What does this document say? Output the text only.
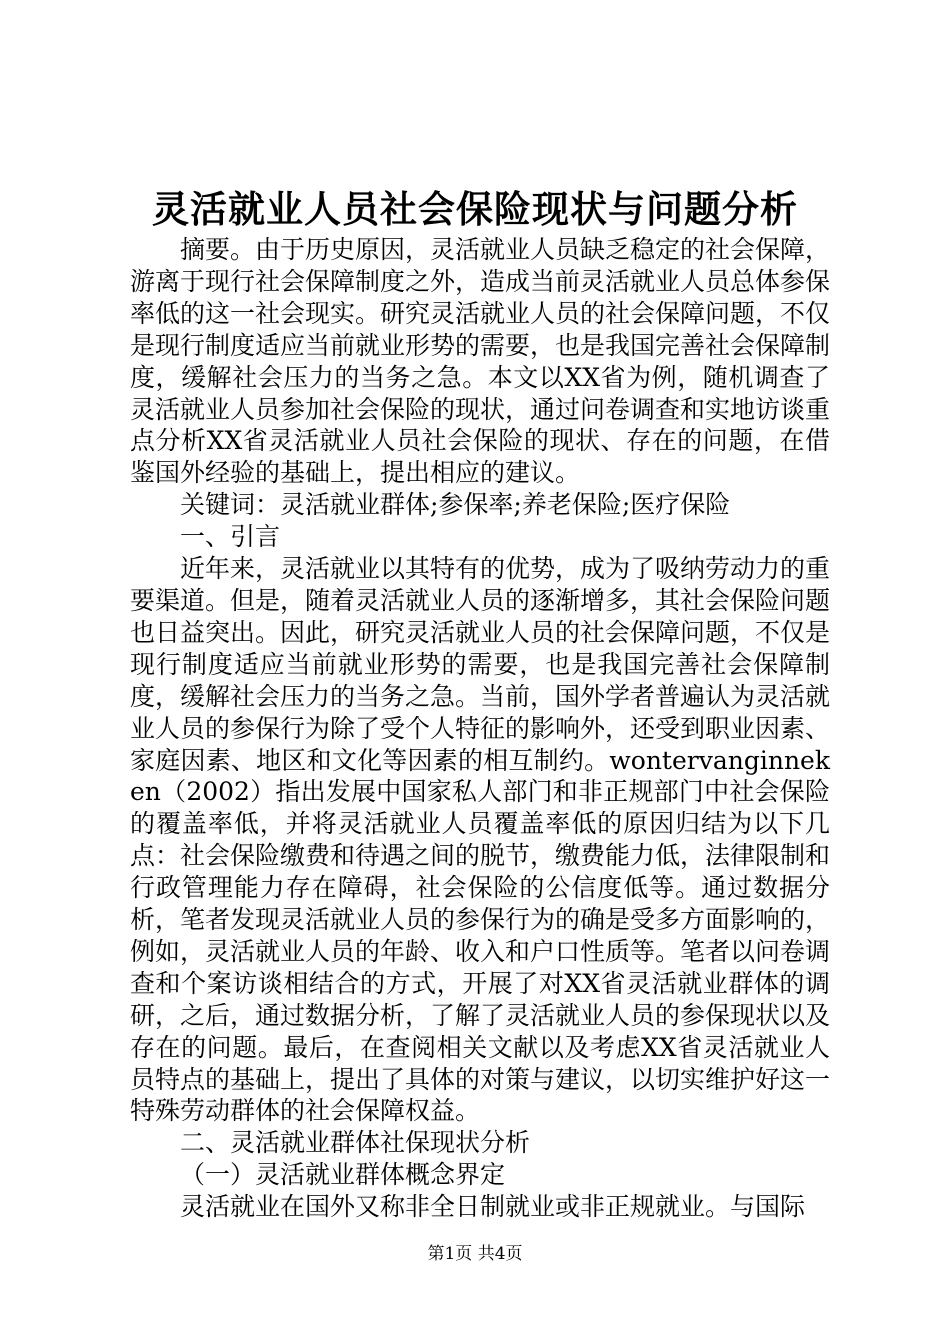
灵活就业人员社会保险现状与问题分析

摘要。由于历史原因，灵活就业人员缺乏稳定的社会保障，游离于现行社会保障制度之外，造成当前灵活就业人员总体参保率低的这一社会现实。研究灵活就业人员的社会保障问题，不仅是现行制度适应当前就业形势的需要，也是我国完善社会保障制度，缓解社会压力的当务之急。本文以XX省为例，随机调查了灵活就业人员参加社会保险的现状，通过问卷调查和实地访谈重点分析XX省灵活就业人员社会保险的现状、存在的问题，在借鉴国外经验的基础上，提出相应的建议。

关键词：灵活就业群体;参保率;养老保险;医疗保险

一、引言

近年来，灵活就业以其特有的优势，成为了吸纳劳动力的重要渠道。但是，随着灵活就业人员的逐渐增多，其社会保险问题也日益突出。因此，研究灵活就业人员的社会保障问题，不仅是现行制度适应当前就业形势的需要，也是我国完善社会保障制度，缓解社会压力的当务之急。当前，国外学者普遍认为灵活就业人员的参保行为除了受个人特征的影响外，还受到职业因素、家庭因素、地区和文化等因素的相互制约。wontervanginneken（2002）指出发展中国家私人部门和非正规部门中社会保险的覆盖率低，并将灵活就业人员覆盖率低的原因归结为以下几点：社会保险缴费和待遇之间的脱节，缴费能力低，法律限制和行政管理能力存在障碍，社会保险的公信度低等。通过数据分析，笔者发现灵活就业人员的参保行为的确是受多方面影响的，例如，灵活就业人员的年龄、收入和户口性质等。笔者以问卷调查和个案访谈相结合的方式，开展了对XX省灵活就业群体的调研，之后，通过数据分析，了解了灵活就业人员的参保现状以及存在的问题。最后，在查阅相关文献以及考虑XX省灵活就业人员特点的基础上，提出了具体的对策与建议，以切实维护好这一特殊劳动群体的社会保障权益。

二、灵活就业群体社保现状分析

（一）灵活就业群体概念界定

灵活就业在国外又称非全日制就业或非正规就业。与国际

第1页 共4页
